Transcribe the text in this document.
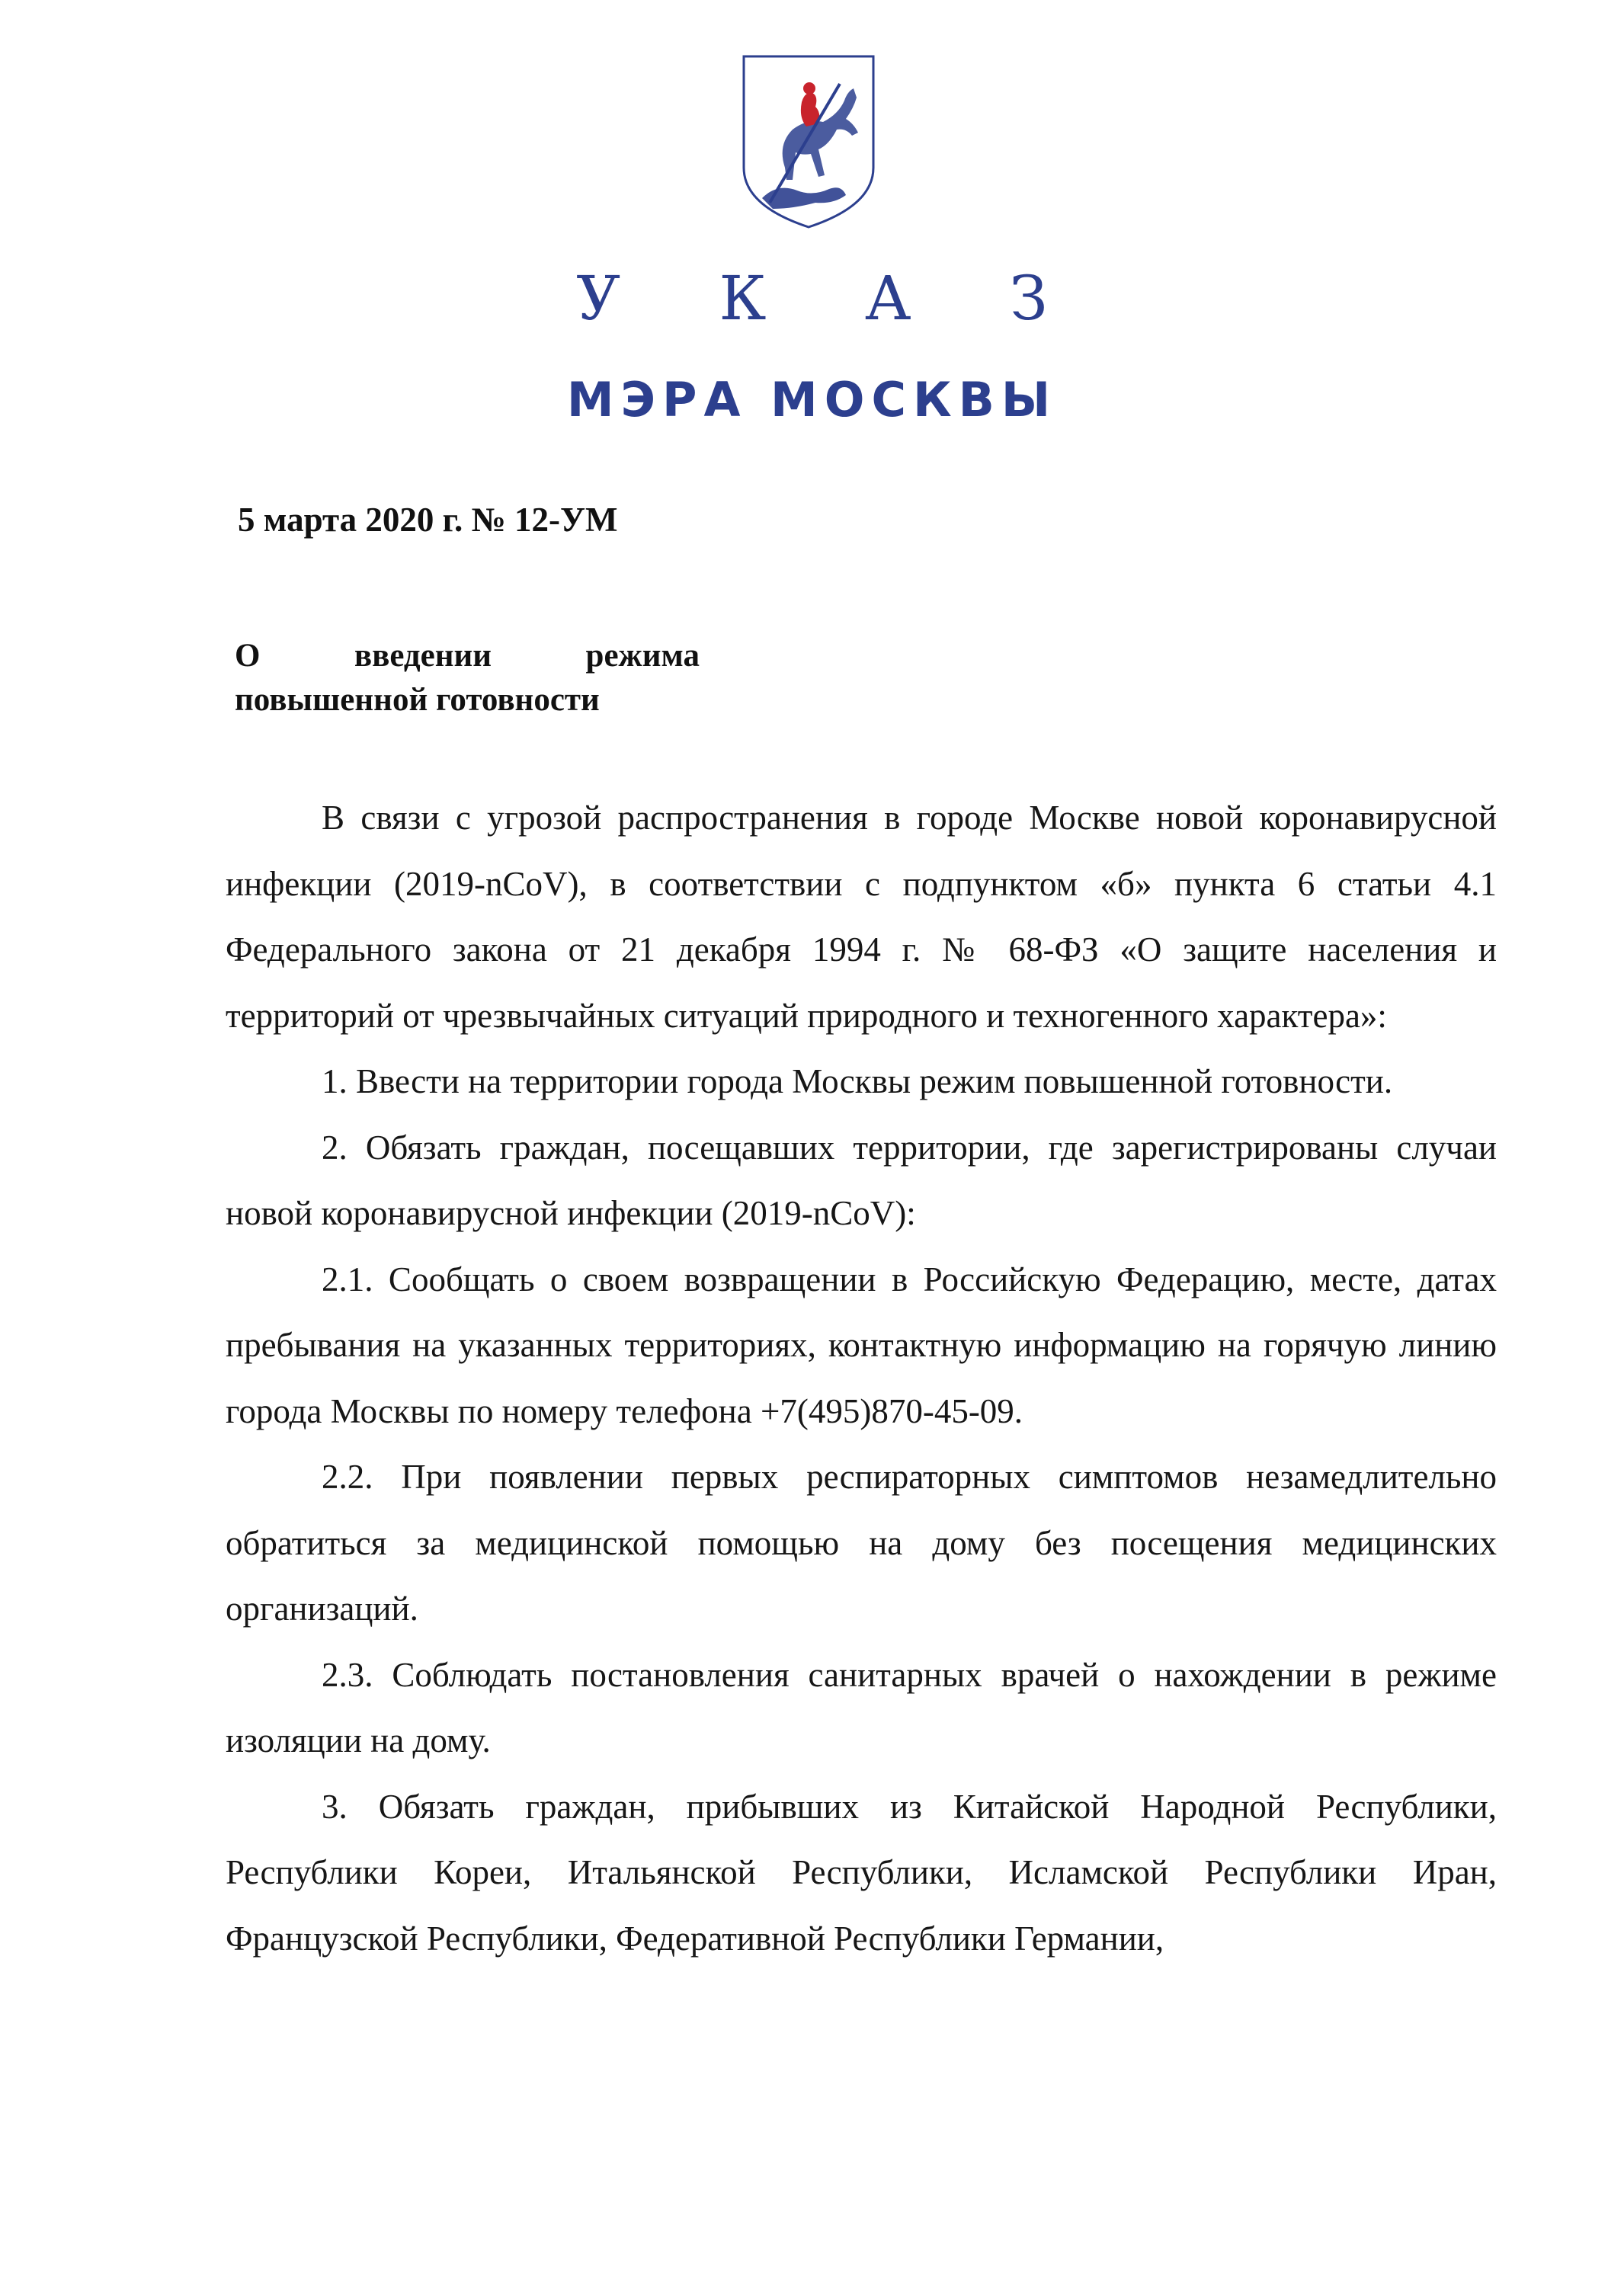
У К А З
МЭРА МОСКВЫ
5 марта 2020 г. № 12-УМ
О	введении	режима
повышенной готовности

В связи с угрозой распространения в городе Москве новой коронавирусной инфекции (2019-nCoV), в соответствии с подпунктом «б» пункта 6 статьи 4.1 Федерального закона от 21 декабря 1994 г. № 68-ФЗ «О защите населения и территорий от чрезвычайных ситуаций природного и техногенного характера»:

1. Ввести на территории города Москвы режим повышенной готовности.

2. Обязать граждан, посещавших территории, где зарегистрированы случаи новой коронавирусной инфекции (2019-nCoV):

2.1. Сообщать о своем возвращении в Российскую Федерацию, месте, датах пребывания на указанных территориях, контактную информацию на горячую линию города Москвы по номеру телефона +7(495)870-45-09.

2.2. При появлении первых респираторных симптомов незамедлительно обратиться за медицинской помощью на дому без посещения медицинских организаций.

2.3. Соблюдать постановления санитарных врачей о нахождении в режиме изоляции на дому.

3. Обязать граждан, прибывших из Китайской Народной Республики, Республики Кореи, Итальянской Республики, Исламской Республики Иран, Французской Республики, Федеративной Республики Германии,
